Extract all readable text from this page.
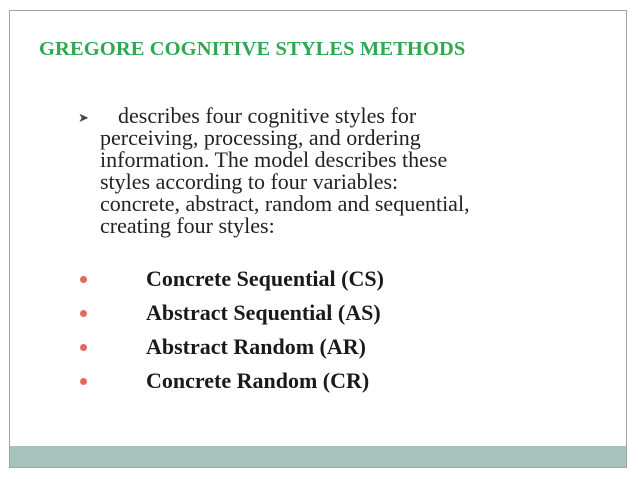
GREGORE COGNITIVE STYLES METHODS
➤ describes four cognitive styles for
perceiving, processing, and ordering
information. The model describes these
styles according to four variables:
concrete, abstract, random and sequential,
creating four styles:
Concrete Sequential (CS)
Abstract Sequential (AS)
Abstract Random (AR)
Concrete Random (CR)
